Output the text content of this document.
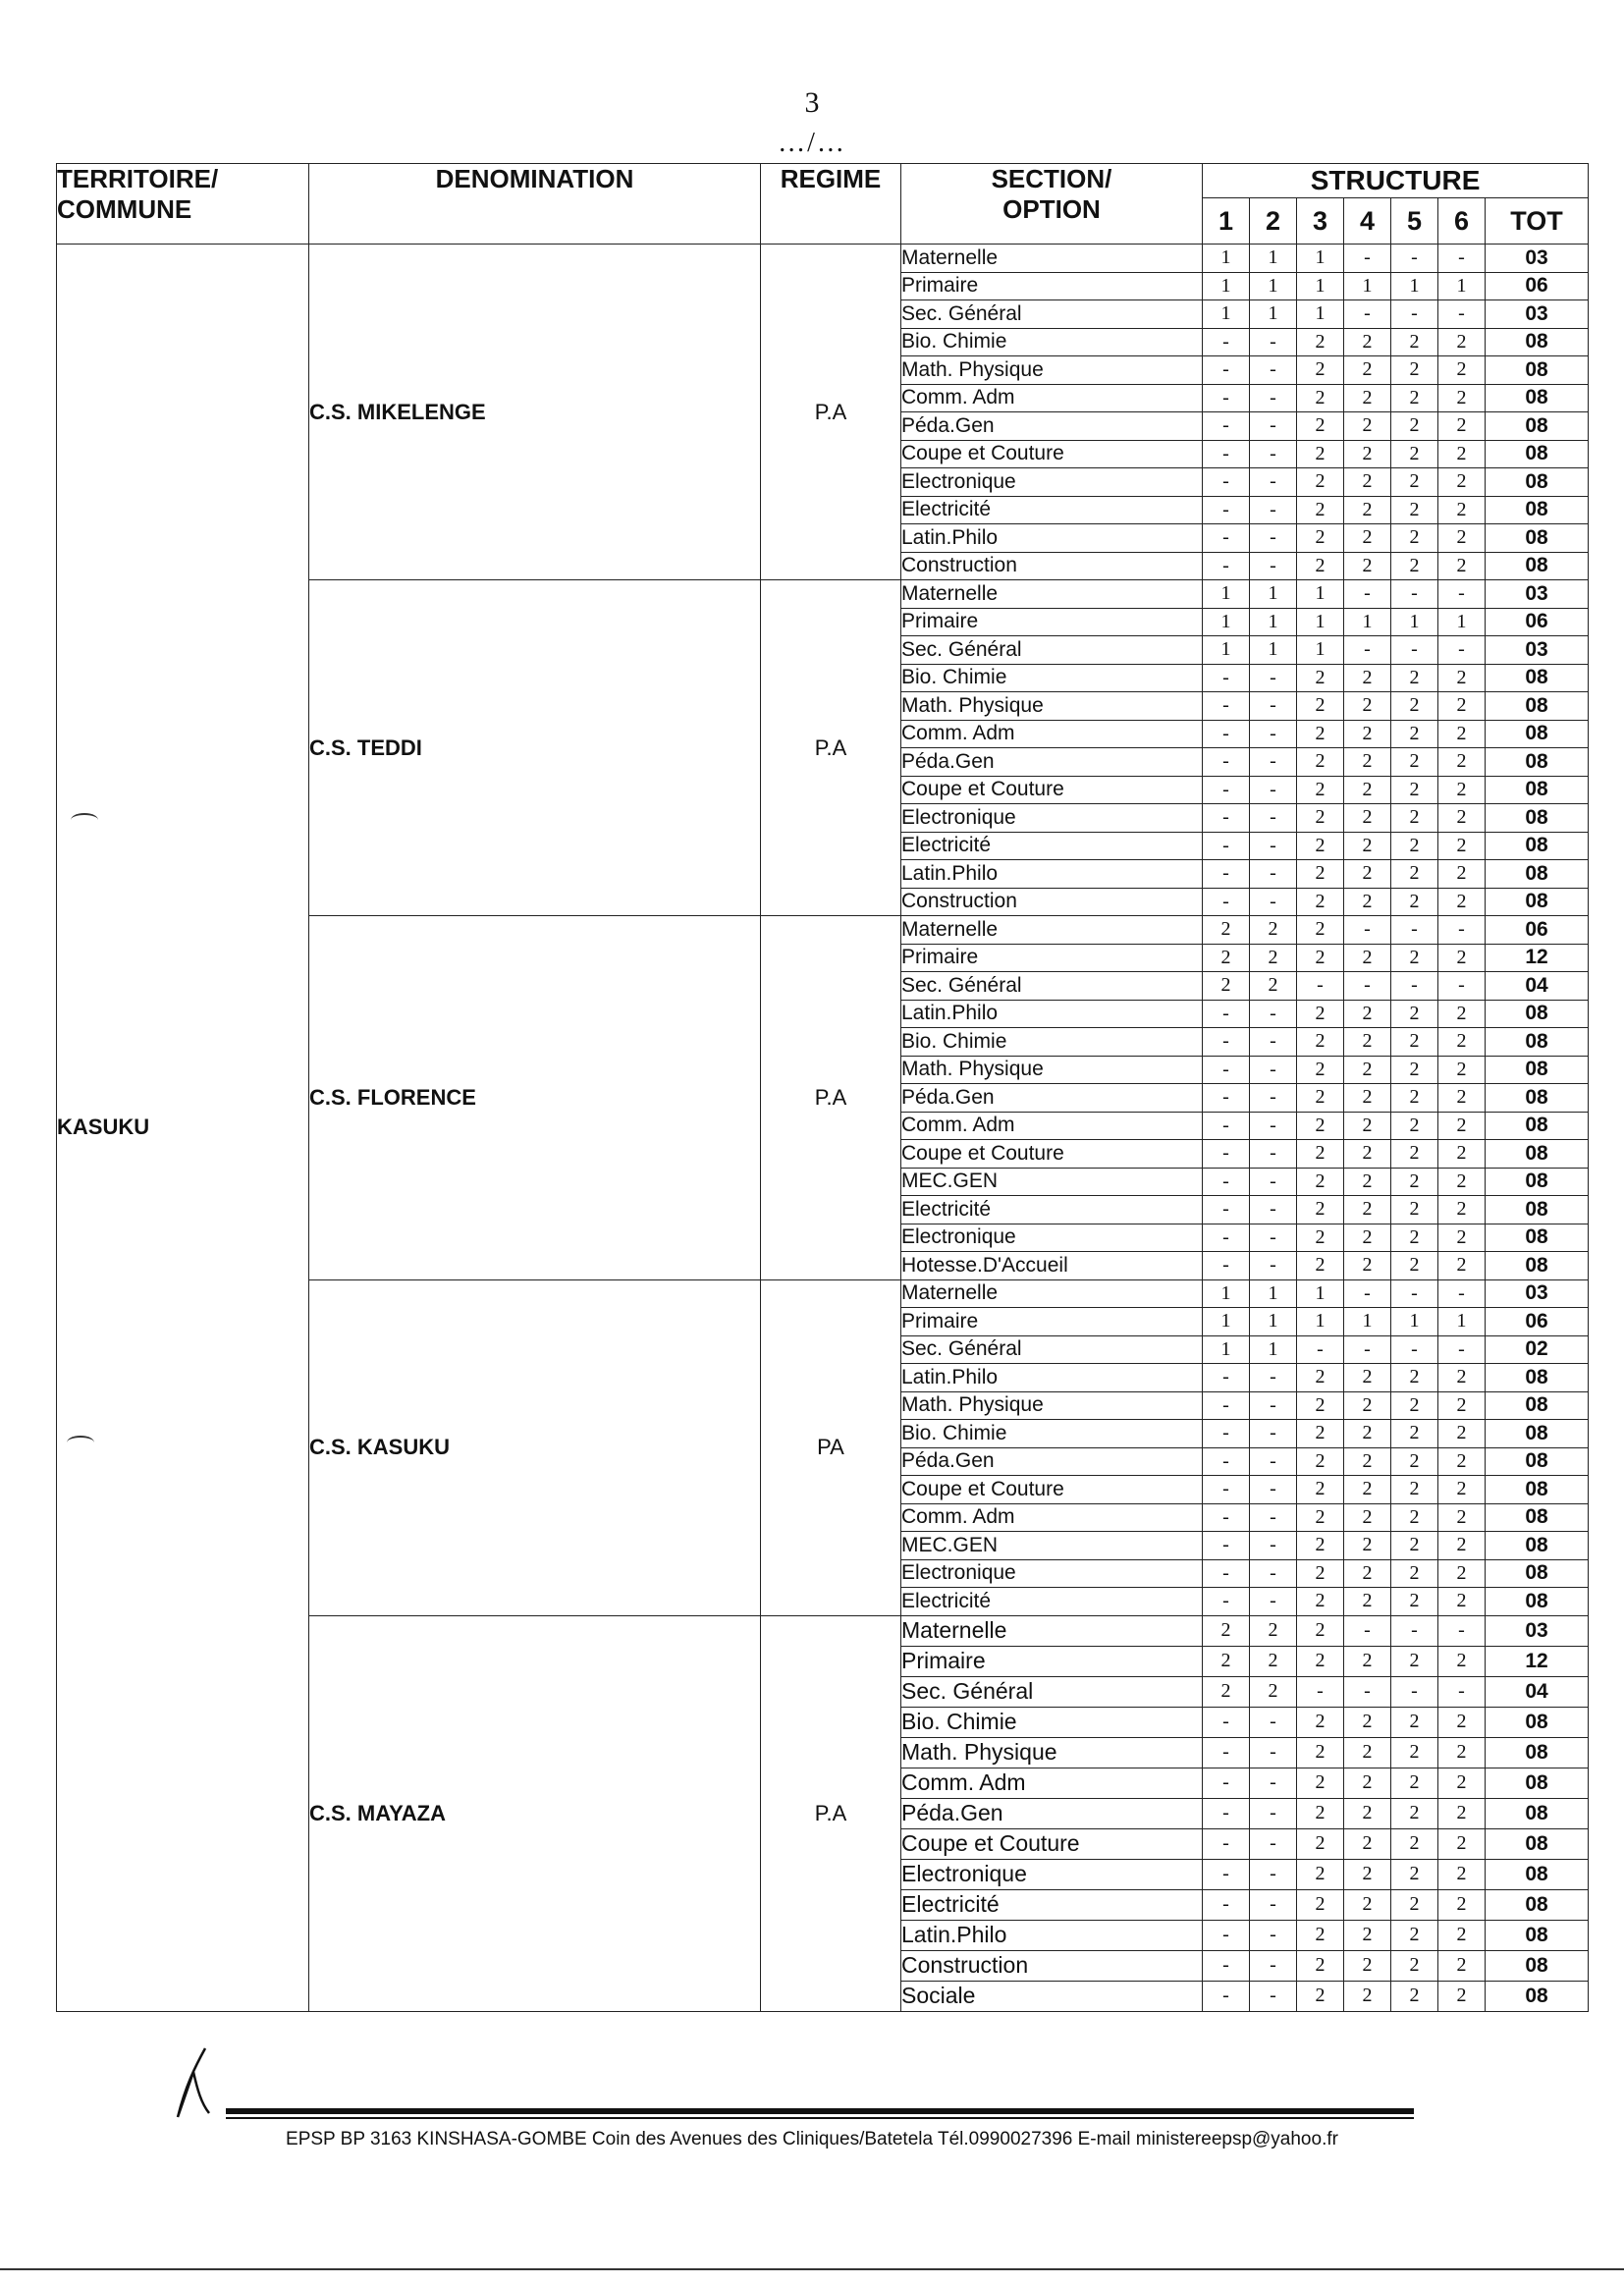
3
…/…
TERRITOIRE/
COMMUNE	DENOMINATION	REGIME	SECTION/
OPTION	STRUCTURE						
				1	2	3	4	5	6	TOT
KASUKU	C.S. MIKELENGE	P.A	Maternelle	1	1	1	-	-	-	03
			Primaire	1	1	1	1	1	1	06
			Sec. Général	1	1	1	-	-	-	03
			Bio. Chimie	-	-	2	2	2	2	08
			Math. Physique	-	-	2	2	2	2	08
			Comm. Adm	-	-	2	2	2	2	08
			Péda.Gen	-	-	2	2	2	2	08
			Coupe et Couture	-	-	2	2	2	2	08
			Electronique	-	-	2	2	2	2	08
			Electricité	-	-	2	2	2	2	08
			Latin.Philo	-	-	2	2	2	2	08
			Construction	-	-	2	2	2	2	08
	C.S. TEDDI	P.A	Maternelle	1	1	1	-	-	-	03
			Primaire	1	1	1	1	1	1	06
			Sec. Général	1	1	1	-	-	-	03
			Bio. Chimie	-	-	2	2	2	2	08
			Math. Physique	-	-	2	2	2	2	08
			Comm. Adm	-	-	2	2	2	2	08
			Péda.Gen	-	-	2	2	2	2	08
			Coupe et Couture	-	-	2	2	2	2	08
			Electronique	-	-	2	2	2	2	08
			Electricité	-	-	2	2	2	2	08
			Latin.Philo	-	-	2	2	2	2	08
			Construction	-	-	2	2	2	2	08
	C.S. FLORENCE	P.A	Maternelle	2	2	2	-	-	-	06
			Primaire	2	2	2	2	2	2	12
			Sec. Général	2	2	-	-	-	-	04
			Latin.Philo	-	-	2	2	2	2	08
			Bio. Chimie	-	-	2	2	2	2	08
			Math. Physique	-	-	2	2	2	2	08
			Péda.Gen	-	-	2	2	2	2	08
			Comm. Adm	-	-	2	2	2	2	08
			Coupe et Couture	-	-	2	2	2	2	08
			MEC.GEN	-	-	2	2	2	2	08
			Electricité	-	-	2	2	2	2	08
			Electronique	-	-	2	2	2	2	08
			Hotesse.D'Accueil	-	-	2	2	2	2	08
	C.S. KASUKU	PA	Maternelle	1	1	1	-	-	-	03
			Primaire	1	1	1	1	1	1	06
			Sec. Général	1	1	-	-	-	-	02
			Latin.Philo	-	-	2	2	2	2	08
			Math. Physique	-	-	2	2	2	2	08
			Bio. Chimie	-	-	2	2	2	2	08
			Péda.Gen	-	-	2	2	2	2	08
			Coupe et Couture	-	-	2	2	2	2	08
			Comm. Adm	-	-	2	2	2	2	08
			MEC.GEN	-	-	2	2	2	2	08
			Electronique	-	-	2	2	2	2	08
			Electricité	-	-	2	2	2	2	08
	C.S. MAYAZA	P.A	Maternelle	2	2	2	-	-	-	03
			Primaire	2	2	2	2	2	2	12
			Sec. Général	2	2	-	-	-	-	04
			Bio. Chimie	-	-	2	2	2	2	08
			Math. Physique	-	-	2	2	2	2	08
			Comm. Adm	-	-	2	2	2	2	08
			Péda.Gen	-	-	2	2	2	2	08
			Coupe et Couture	-	-	2	2	2	2	08
			Electronique	-	-	2	2	2	2	08
			Electricité	-	-	2	2	2	2	08
			Latin.Philo	-	-	2	2	2	2	08
			Construction	-	-	2	2	2	2	08
			Sociale	-	-	2	2	2	2	08
EPSP BP 3163 KINSHASA-GOMBE Coin des Avenues des Cliniques/Batetela Tél.0990027396 E-mail ministereepsp@yahoo.fr
